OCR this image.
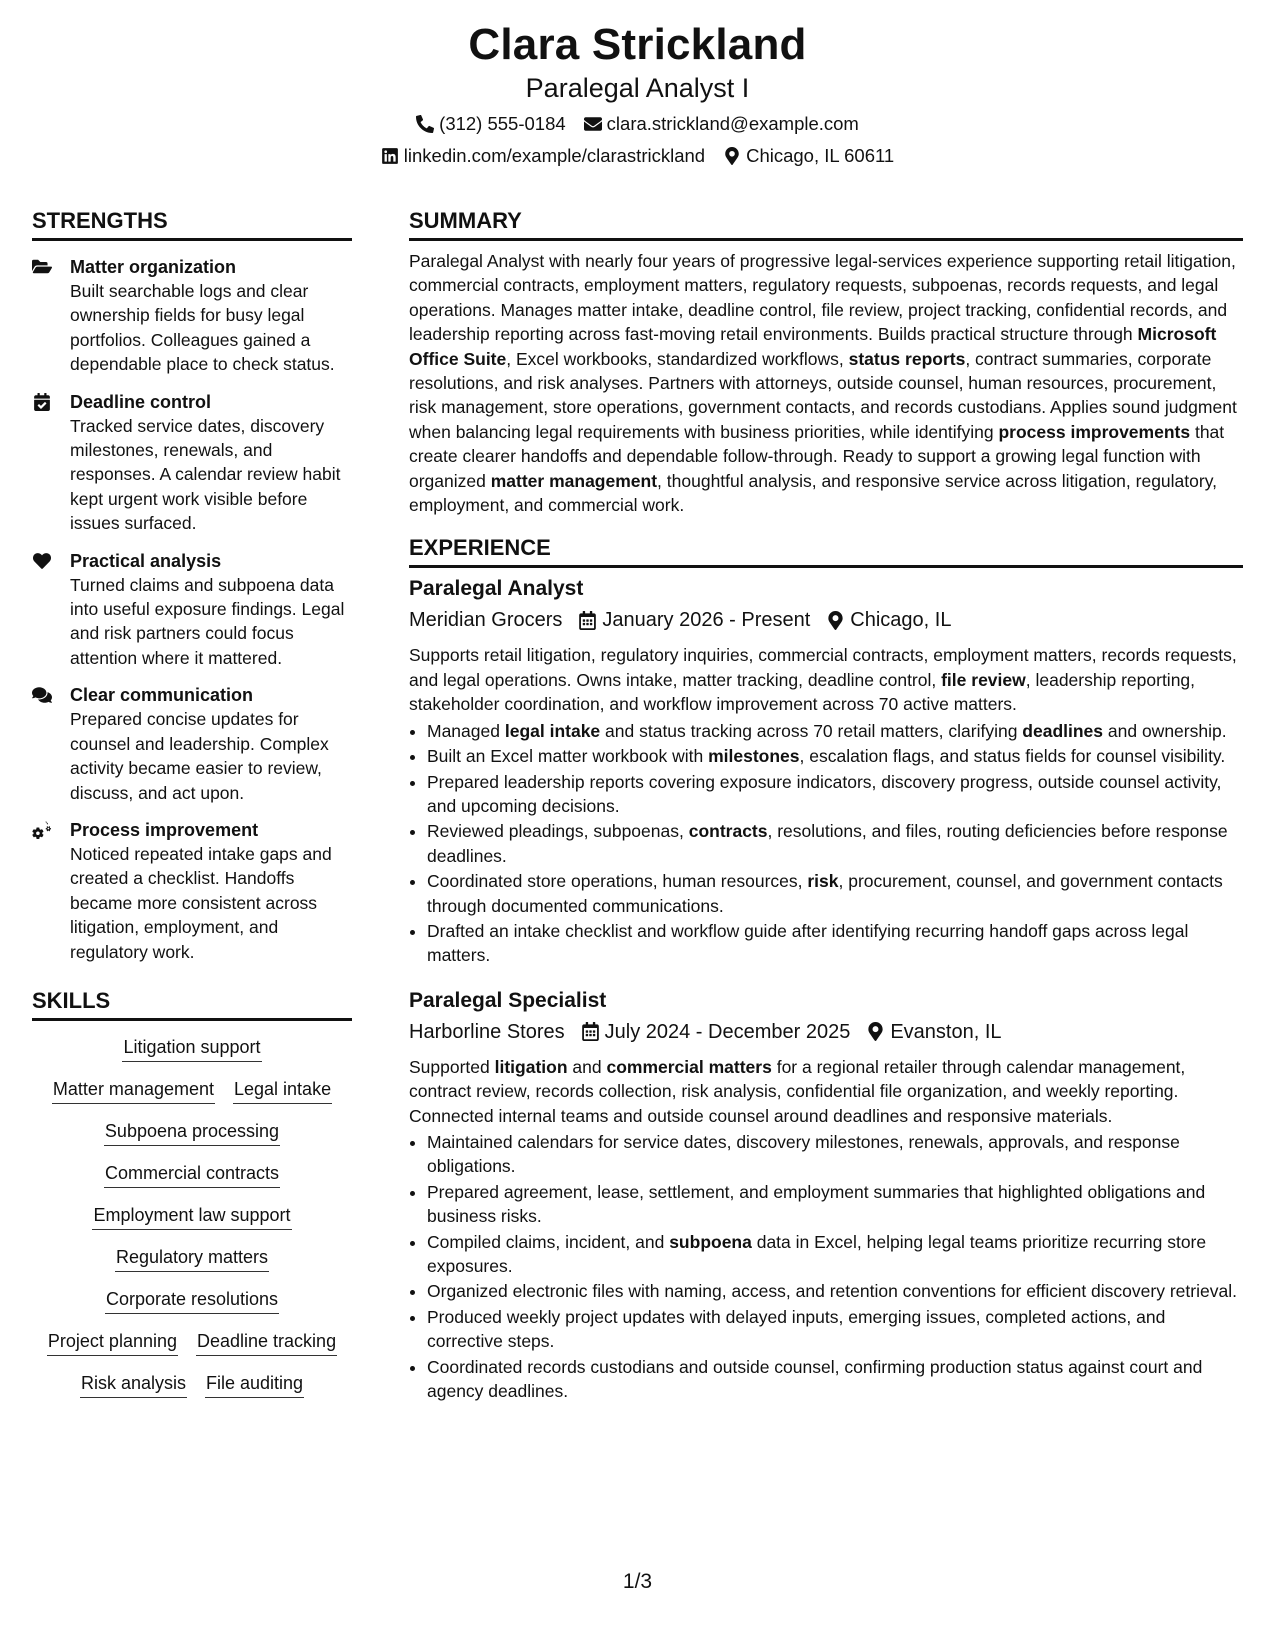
Clara Strickland
Paralegal Analyst I
(312) 555-0184 clara.strickland@example.com
linkedin.com/example/clarastrickland Chicago, IL 60611
STRENGTHS
Matter organization
Built searchable logs and clear ownership fields for busy legal portfolios. Colleagues gained a dependable place to check status.
Deadline control
Tracked service dates, discovery milestones, renewals, and responses. A calendar review habit kept urgent work visible before issues surfaced.
Practical analysis
Turned claims and subpoena data into useful exposure findings. Legal and risk partners could focus attention where it mattered.
Clear communication
Prepared concise updates for counsel and leadership. Complex activity became easier to review, discuss, and act upon.
Process improvement
Noticed repeated intake gaps and created a checklist. Handoffs became more consistent across litigation, employment, and regulatory work.
SKILLS
Litigation support
Matter management Legal intake
Subpoena processing
Commercial contracts
Employment law support
Regulatory matters
Corporate resolutions
Project planning Deadline tracking
Risk analysis File auditing
SUMMARY
Paralegal Analyst with nearly four years of progressive legal-services experience supporting retail litigation, commercial contracts, employment matters, regulatory requests, subpoenas, records requests, and legal operations. Manages matter intake, deadline control, file review, project tracking, confidential records, and leadership reporting across fast-moving retail environments. Builds practical structure through Microsoft Office Suite, Excel workbooks, standardized workflows, status reports, contract summaries, corporate resolutions, and risk analyses. Partners with attorneys, outside counsel, human resources, procurement, risk management, store operations, government contacts, and records custodians. Applies sound judgment when balancing legal requirements with business priorities, while identifying process improvements that create clearer handoffs and dependable follow-through. Ready to support a growing legal function with organized matter management, thoughtful analysis, and responsive service across litigation, regulatory, employment, and commercial work.
EXPERIENCE
Paralegal Analyst
Meridian Grocers January 2026 - Present Chicago, IL
Supports retail litigation, regulatory inquiries, commercial contracts, employment matters, records requests, and legal operations. Owns intake, matter tracking, deadline control, file review, leadership reporting, stakeholder coordination, and workflow improvement across 70 active matters.
• Managed legal intake and status tracking across 70 retail matters, clarifying deadlines and ownership.
• Built an Excel matter workbook with milestones, escalation flags, and status fields for counsel visibility.
• Prepared leadership reports covering exposure indicators, discovery progress, outside counsel activity, and upcoming decisions.
• Reviewed pleadings, subpoenas, contracts, resolutions, and files, routing deficiencies before response deadlines.
• Coordinated store operations, human resources, risk, procurement, counsel, and government contacts through documented communications.
• Drafted an intake checklist and workflow guide after identifying recurring handoff gaps across legal matters.
Paralegal Specialist
Harborline Stores July 2024 - December 2025 Evanston, IL
Supported litigation and commercial matters for a regional retailer through calendar management, contract review, records collection, risk analysis, confidential file organization, and weekly reporting. Connected internal teams and outside counsel around deadlines and responsive materials.
• Maintained calendars for service dates, discovery milestones, renewals, approvals, and response obligations.
• Prepared agreement, lease, settlement, and employment summaries that highlighted obligations and business risks.
• Compiled claims, incident, and subpoena data in Excel, helping legal teams prioritize recurring store exposures.
• Organized electronic files with naming, access, and retention conventions for efficient discovery retrieval.
• Produced weekly project updates with delayed inputs, emerging issues, completed actions, and corrective steps.
• Coordinated records custodians and outside counsel, confirming production status against court and agency deadlines.
1/3
